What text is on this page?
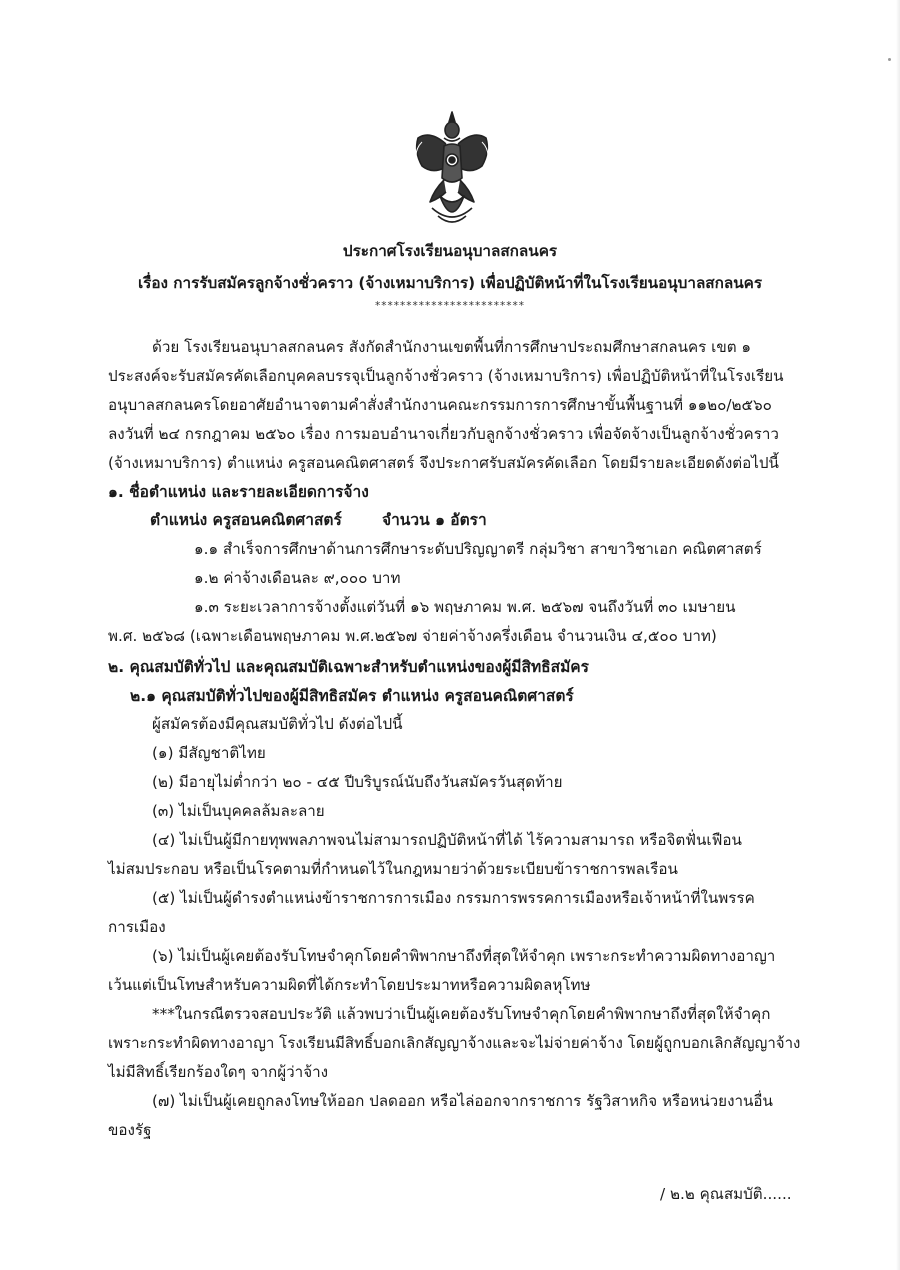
ประกาศโรงเรียนอนุบาลสกลนคร
เรื่อง การรับสมัครลูกจ้างชั่วคราว (จ้างเหมาบริการ) เพื่อปฏิบัติหน้าที่ในโรงเรียนอนุบาลสกลนคร
************************
ด้วย โรงเรียนอนุบาลสกลนคร สังกัดสำนักงานเขตพื้นที่การศึกษาประถมศึกษาสกลนคร เขต ๑
ประสงค์จะรับสมัครคัดเลือกบุคคลบรรจุเป็นลูกจ้างชั่วคราว (จ้างเหมาบริการ) เพื่อปฏิบัติหน้าที่ในโรงเรียน
อนุบาลสกลนครโดยอาศัยอำนาจตามคำสั่งสำนักงานคณะกรรมการการศึกษาขั้นพื้นฐานที่ ๑๑๒๐/๒๕๖๐
ลงวันที่ ๒๔ กรกฎาคม ๒๕๖๐ เรื่อง การมอบอำนาจเกี่ยวกับลูกจ้างชั่วคราว เพื่อจัดจ้างเป็นลูกจ้างชั่วคราว
(จ้างเหมาบริการ) ตำแหน่ง ครูสอนคณิตศาสตร์ จึงประกาศรับสมัครคัดเลือก โดยมีรายละเอียดดังต่อไปนี้
๑. ชื่อตำแหน่ง และรายละเอียดการจ้าง
ตำแหน่ง ครูสอนคณิตศาสตร์	จำนวน ๑ อัตรา
๑.๑ สำเร็จการศึกษาด้านการศึกษาระดับปริญญาตรี กลุ่มวิชา สาขาวิชาเอก คณิตศาสตร์
๑.๒ ค่าจ้างเดือนละ ๙,๐๐๐ บาท
๑.๓ ระยะเวลาการจ้างตั้งแต่วันที่ ๑๖ พฤษภาคม พ.ศ. ๒๕๖๗ จนถึงวันที่ ๓๐ เมษายน
พ.ศ. ๒๕๖๘ (เฉพาะเดือนพฤษภาคม พ.ศ.๒๕๖๗ จ่ายค่าจ้างครึ่งเดือน จำนวนเงิน ๔,๕๐๐ บาท)
๒. คุณสมบัติทั่วไป และคุณสมบัติเฉพาะสำหรับตำแหน่งของผู้มีสิทธิสมัคร
๒.๑ คุณสมบัติทั่วไปของผู้มีสิทธิสมัคร ตำแหน่ง ครูสอนคณิตศาสตร์
ผู้สมัครต้องมีคุณสมบัติทั่วไป ดังต่อไปนี้
(๑) มีสัญชาติไทย
(๒) มีอายุไม่ต่ำกว่า ๒๐ - ๔๕ ปีบริบูรณ์นับถึงวันสมัครวันสุดท้าย
(๓) ไม่เป็นบุคคลล้มละลาย
(๔) ไม่เป็นผู้มีกายทุพพลภาพจนไม่สามารถปฏิบัติหน้าที่ได้ ไร้ความสามารถ หรือจิตฟั่นเฟือน
ไม่สมประกอบ หรือเป็นโรคตามที่กำหนดไว้ในกฎหมายว่าด้วยระเบียบข้าราชการพลเรือน
(๕) ไม่เป็นผู้ดำรงตำแหน่งข้าราชการการเมือง กรรมการพรรคการเมืองหรือเจ้าหน้าที่ในพรรค
การเมือง
(๖) ไม่เป็นผู้เคยต้องรับโทษจำคุกโดยคำพิพากษาถึงที่สุดให้จำคุก เพราะกระทำความผิดทางอาญา
เว้นแต่เป็นโทษสำหรับความผิดที่ได้กระทำโดยประมาทหรือความผิดลหุโทษ
***ในกรณีตรวจสอบประวัติ แล้วพบว่าเป็นผู้เคยต้องรับโทษจำคุกโดยคำพิพากษาถึงที่สุดให้จำคุก
เพราะกระทำผิดทางอาญา โรงเรียนมีสิทธิ์บอกเลิกสัญญาจ้างและจะไม่จ่ายค่าจ้าง โดยผู้ถูกบอกเลิกสัญญาจ้าง
ไม่มีสิทธิ์เรียกร้องใดๆ จากผู้ว่าจ้าง
(๗) ไม่เป็นผู้เคยถูกลงโทษให้ออก ปลดออก หรือไล่ออกจากราชการ รัฐวิสาหกิจ หรือหน่วยงานอื่น
ของรัฐ
/ ๒.๒ คุณสมบัติ......
